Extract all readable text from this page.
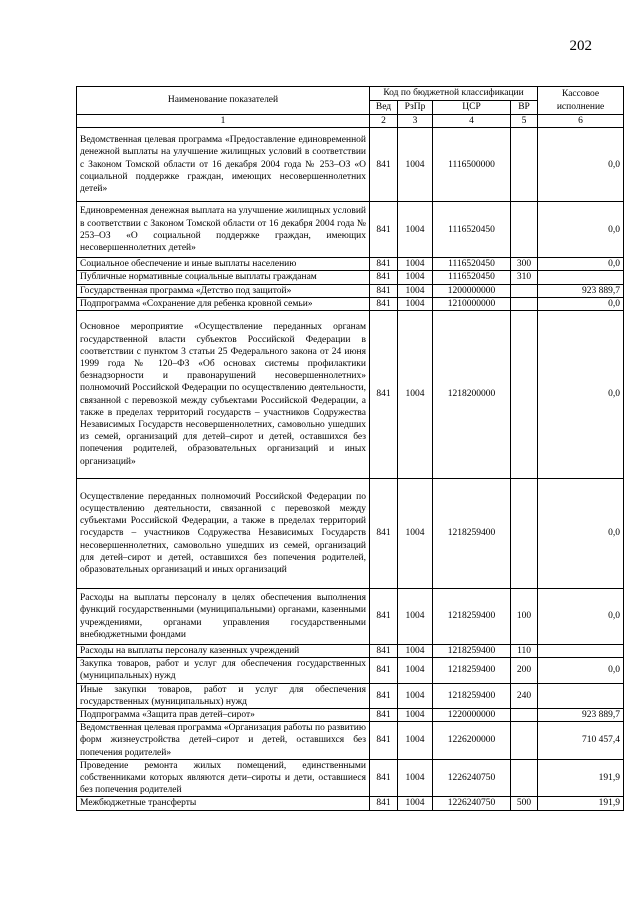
202
Наименование показателей	Код по бюджетной классификации				Кассовое исполнение
	Вед	РзПр	ЦСР	ВР	
1	2	3	4	5	6
Ведомственная целевая программа «Предоставление единовременной денежной выплаты на улучшение жилищных условий в соответствии с Законом Томской области от 16 декабря 2004 года № 253–ОЗ «О социальной поддержке граждан, имеющих несовершеннолетних детей»	841	1004	1116500000		0,0
Единовременная денежная выплата на улучшение жилищных условий в соответствии с Законом Томской области от 16 декабря 2004 года № 253–ОЗ «О социальной поддержке граждан, имеющих несовершеннолетних детей»	841	1004	1116520450		0,0
Социальное обеспечение и иные выплаты населению	841	1004	1116520450	300	0,0
Публичные нормативные социальные выплаты гражданам	841	1004	1116520450	310	
Государственная программа «Детство под защитой»	841	1004	1200000000		923 889,7
Подпрограмма «Сохранение для ребенка кровной семьи»	841	1004	1210000000		0,0
Основное мероприятие «Осуществление переданных органам государственной власти субъектов Российской Федерации в соответствии с пунктом 3 статьи 25 Федерального закона от 24 июня 1999 года № 120–ФЗ «Об основах системы профилактики безнадзорности и правонарушений несовершеннолетних» полномочий Российской Федерации по осуществлению деятельности, связанной с перевозкой между субъектами Российской Федерации, а также в пределах территорий государств – участников Содружества Независимых Государств несовершеннолетних, самовольно ушедших из семей, организаций для детей–сирот и детей, оставшихся без попечения родителей, образовательных организаций и иных организаций»	841	1004	1218200000		0,0
Осуществление переданных полномочий Российской Федерации по осуществлению деятельности, связанной с перевозкой между субъектами Российской Федерации, а также в пределах территорий государств – участников Содружества Независимых Государств несовершеннолетних, самовольно ушедших из семей, организаций для детей–сирот и детей, оставшихся без попечения родителей, образовательных организаций и иных организаций	841	1004	1218259400		0,0
Расходы на выплаты персоналу в целях обеспечения выполнения функций государственными (муниципальными) органами, казенными учреждениями, органами управления государственными внебюджетными фондами	841	1004	1218259400	100	0,0
Расходы на выплаты персоналу казенных учреждений	841	1004	1218259400	110	
Закупка товаров, работ и услуг для обеспечения государственных (муниципальных) нужд	841	1004	1218259400	200	0,0
Иные закупки товаров, работ и услуг для обеспечения государственных (муниципальных) нужд	841	1004	1218259400	240	
Подпрограмма «Защита прав детей–сирот»	841	1004	1220000000		923 889,7
Ведомственная целевая программа «Организация работы по развитию форм жизнеустройства детей–сирот и детей, оставшихся без попечения родителей»	841	1004	1226200000		710 457,4
Проведение ремонта жилых помещений, единственными собственниками которых являются дети–сироты и дети, оставшиеся без попечения родителей	841	1004	1226240750		191,9
Межбюджетные трансферты	841	1004	1226240750	500	191,9
